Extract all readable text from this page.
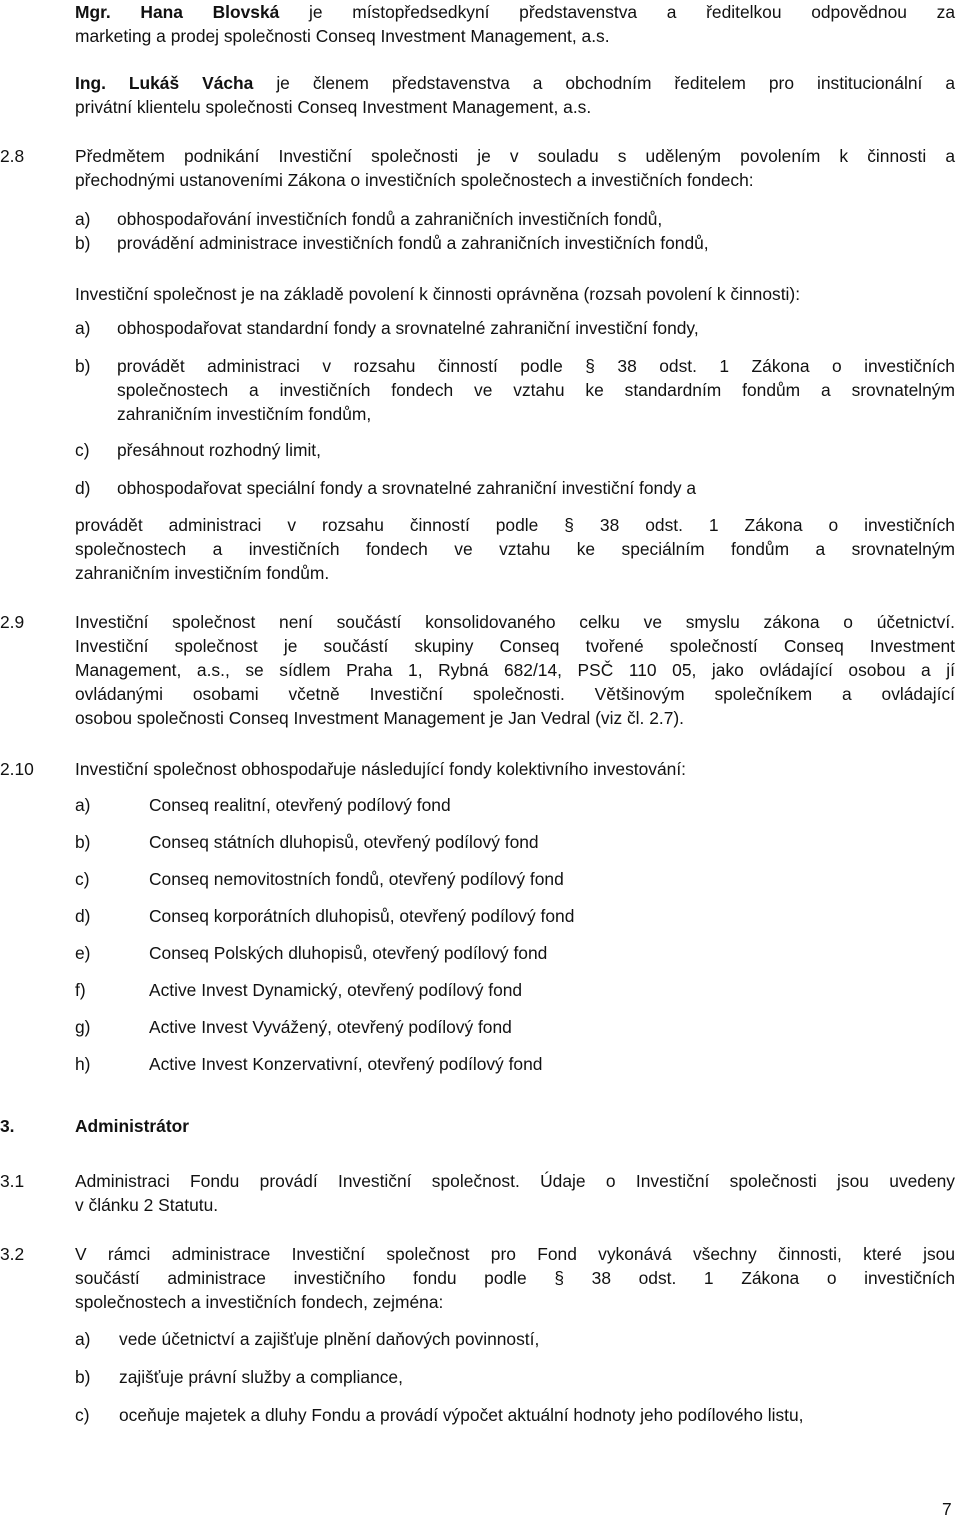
Mgr. Hana Blovská je místopředsedkyní představenstva a ředitelkou odpovědnou za
marketing a prodej společnosti Conseq Investment Management, a.s.
Ing. Lukáš Vácha je členem představenstva a obchodním ředitelem pro institucionální a
privátní klientelu společnosti Conseq Investment Management, a.s.
2.8	Předmětem podnikání Investiční společnosti je v souladu s uděleným povolením k činnosti a
přechodnými ustanoveními Zákona o investičních společnostech a investičních fondech:
a) obhospodařování investičních fondů a zahraničních investičních fondů,
b) provádění administrace investičních fondů a zahraničních investičních fondů,
Investiční společnost je na základě povolení k činnosti oprávněna (rozsah povolení k činnosti):
a) obhospodařovat standardní fondy a srovnatelné zahraniční investiční fondy,
b) provádět administraci v rozsahu činností podle § 38 odst. 1 Zákona o investičních
společnostech a investičních fondech ve vztahu ke standardním fondům a srovnatelným
zahraničním investičním fondům,
c) přesáhnout rozhodný limit,
d) obhospodařovat speciální fondy a srovnatelné zahraniční investiční fondy a
provádět administraci v rozsahu činností podle § 38 odst. 1 Zákona o investičních
společnostech a investičních fondech ve vztahu ke speciálním fondům a srovnatelným
zahraničním investičním fondům.
2.9	Investiční společnost není součástí konsolidovaného celku ve smyslu zákona o účetnictví.
Investiční společnost je součástí skupiny Conseq tvořené společností Conseq Investment
Management, a.s., se sídlem Praha 1, Rybná 682/14, PSČ 110 05, jako ovládající osobou a jí
ovládanými osobami včetně Investiční společnosti. Většinovým společníkem a ovládající
osobou společnosti Conseq Investment Management je Jan Vedral (viz čl. 2.7).
2.10 Investiční společnost obhospodařuje následující fondy kolektivního investování:
a)	Conseq realitní, otevřený podílový fond
b)	Conseq státních dluhopisů, otevřený podílový fond
c)	Conseq nemovitostních fondů, otevřený podílový fond
d)	Conseq korporátních dluhopisů, otevřený podílový fond
e)	Conseq Polských dluhopisů, otevřený podílový fond
f)	Active Invest Dynamický, otevřený podílový fond
g)	Active Invest Vyvážený, otevřený podílový fond
h)	Active Invest Konzervativní, otevřený podílový fond
3.	Administrátor
3.1	Administraci Fondu provádí Investiční společnost. Údaje o Investiční společnosti jsou uvedeny
v článku 2 Statutu.
3.2	V rámci administrace Investiční společnost pro Fond vykonává všechny činnosti, které jsou
součástí administrace investičního fondu podle § 38 odst. 1 Zákona o investičních
společnostech a investičních fondech, zejména:
a) vede účetnictví a zajišťuje plnění daňových povinností,
b) zajišťuje právní služby a compliance,
c) oceňuje majetek a dluhy Fondu a provádí výpočet aktuální hodnoty jeho podílového listu,
7
